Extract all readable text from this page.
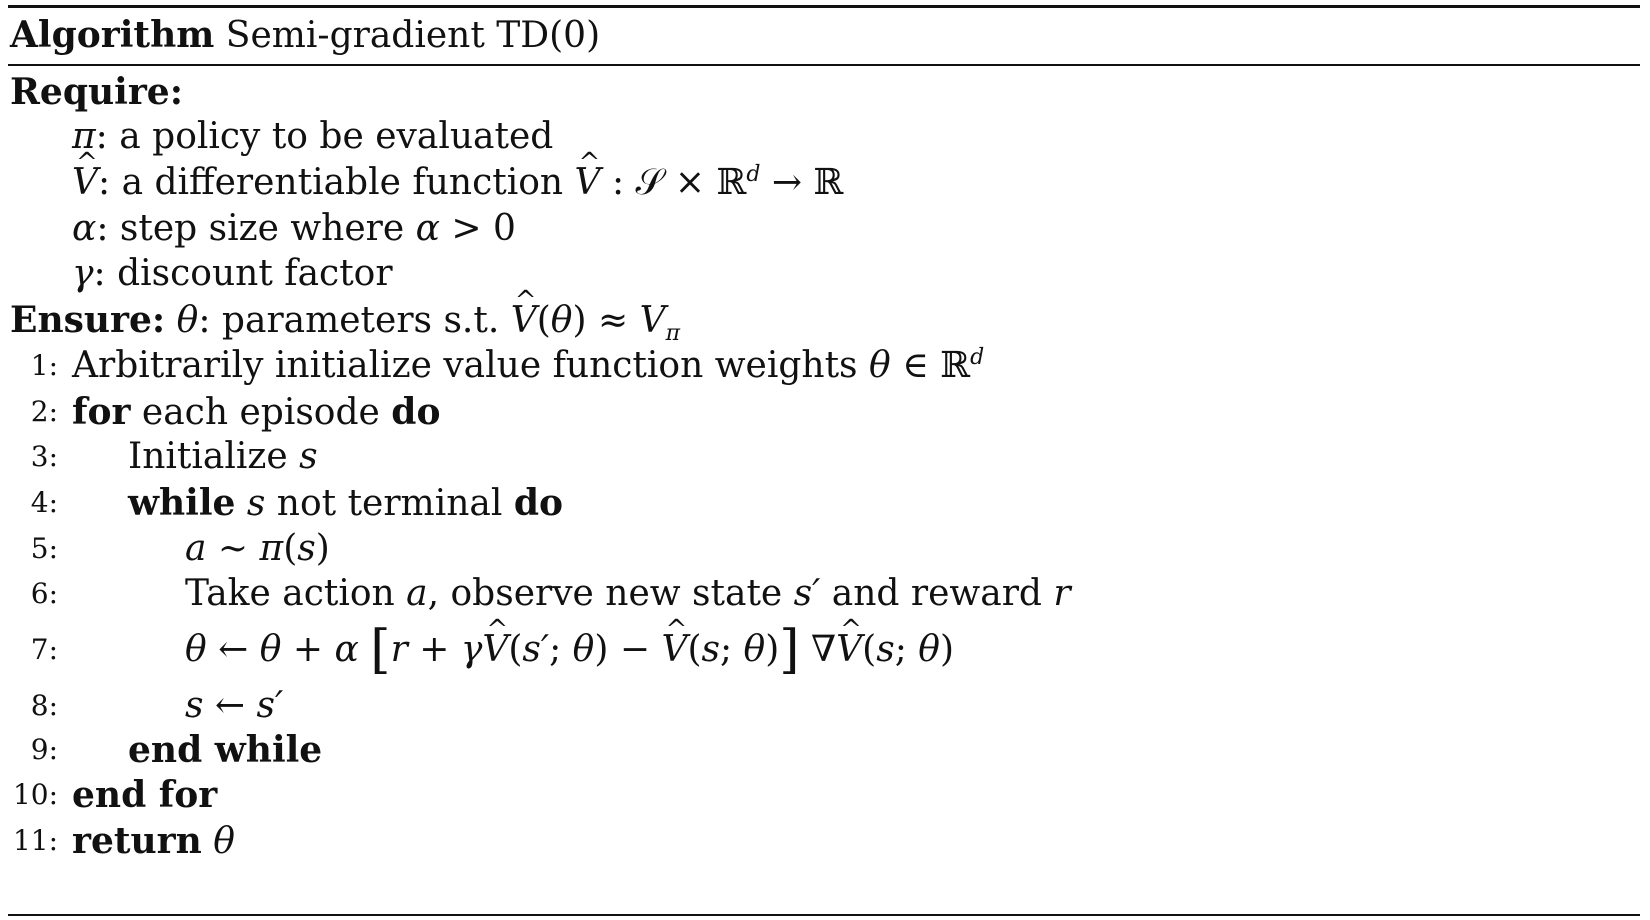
Algorithm Semi-gradient TD(0)
Require:
π: a policy to be evaluated
^ V: a differentiable function ^ V : 𝒮 × ℝ$^d$ → ℝ
α: step size where α > 0
γ: discount factor
Ensure: θ: parameters s.t. ^ $V(\theta) \approx V_\pi$
1: Arbitrarily initialize value function weights θ ∈ ℝ$^d$
2: for each episode do
3: Initialize s
4: while s not terminal do
5:	a ∼ π(s)
6:	Take action a, observe new state s′ and reward r
7:	θ ← θ + α [r + γ^ V(s′; θ) − ^ V(s; θ)] ∇^ V(s; θ)
8:	s ← s′
9: end while
10: end for
11: return θ
